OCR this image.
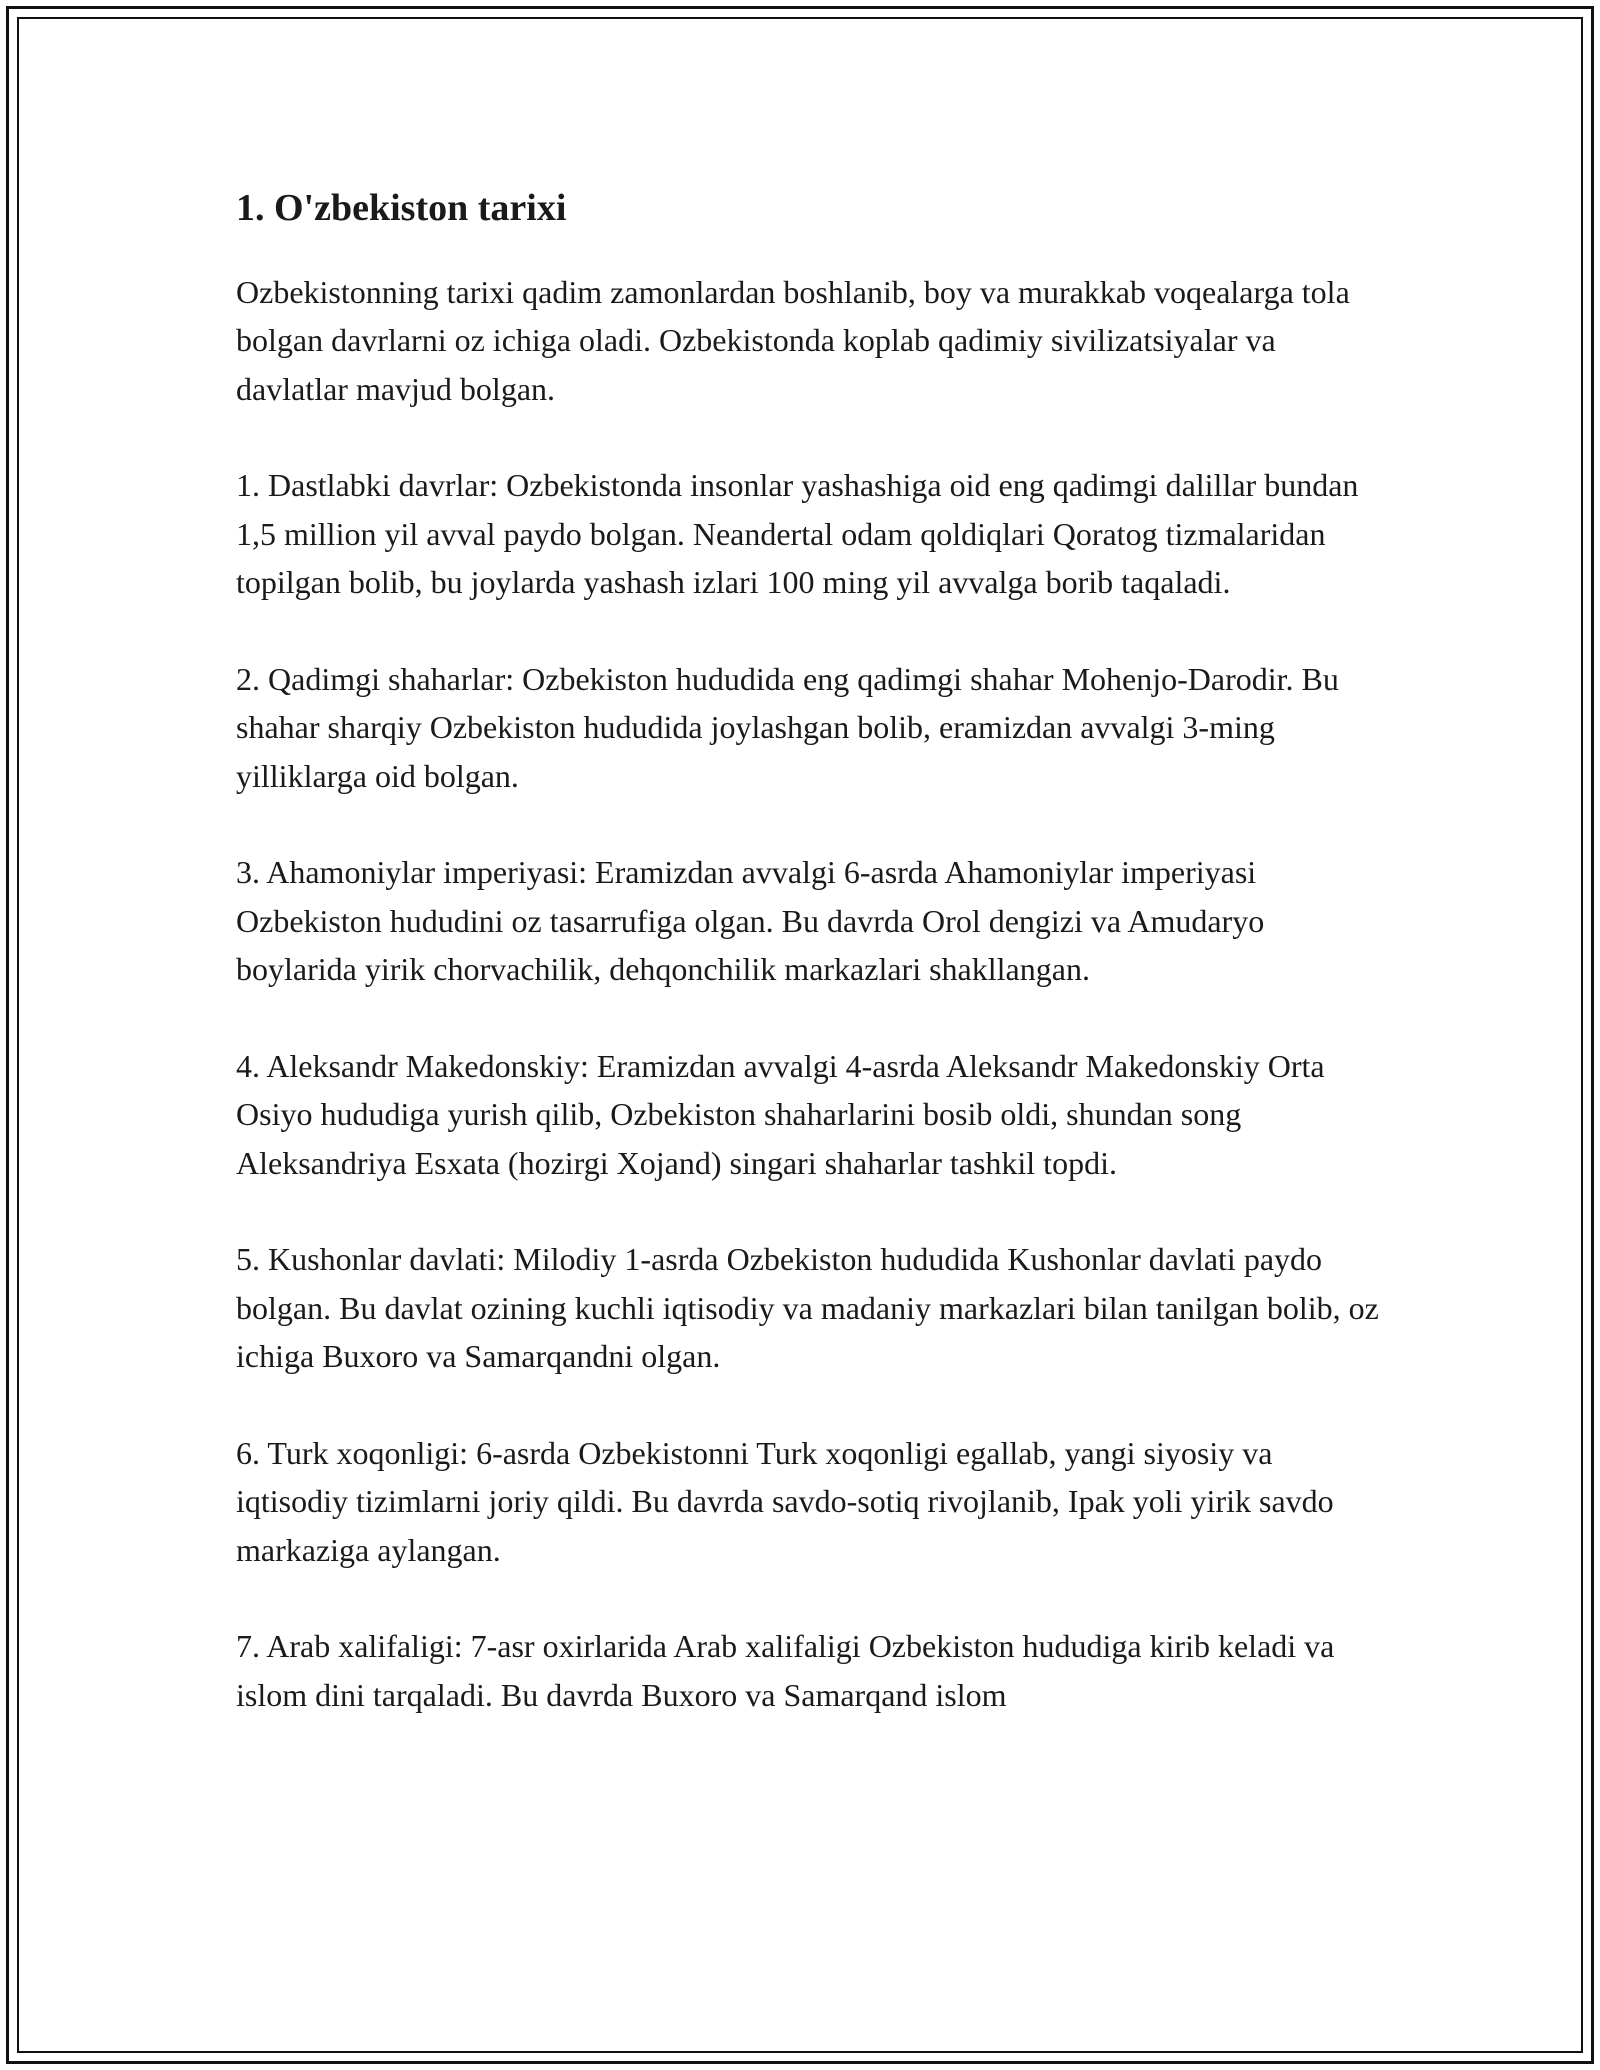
1. O'zbekiston tarixi

Ozbekistonning tarixi qadim zamonlardan boshlanib, boy va murakkab voqealarga tola bolgan davrlarni oz ichiga oladi. Ozbekistonda koplab qadimiy sivilizatsiyalar va davlatlar mavjud bolgan.

1. Dastlabki davrlar: Ozbekistonda insonlar yashashiga oid eng qadimgi dalillar bundan 1,5 million yil avval paydo bolgan. Neandertal odam qoldiqlari Qoratog tizmalaridan topilgan bolib, bu joylarda yashash izlari 100 ming yil avvalga borib taqaladi.

2. Qadimgi shaharlar: Ozbekiston hududida eng qadimgi shahar Mohenjo-Darodir. Bu shahar sharqiy Ozbekiston hududida joylashgan bolib, eramizdan avvalgi 3-ming yilliklarga oid bolgan.

3. Ahamoniylar imperiyasi: Eramizdan avvalgi 6-asrda Ahamoniylar imperiyasi Ozbekiston hududini oz tasarrufiga olgan. Bu davrda Orol dengizi va Amudaryo boylarida yirik chorvachilik, dehqonchilik markazlari shakllangan.

4. Aleksandr Makedonskiy: Eramizdan avvalgi 4-asrda Aleksandr Makedonskiy Orta Osiyo hududiga yurish qilib, Ozbekiston shaharlarini bosib oldi, shundan song Aleksandriya Esxata (hozirgi Xojand) singari shaharlar tashkil topdi.

5. Kushonlar davlati: Milodiy 1-asrda Ozbekiston hududida Kushonlar davlati paydo bolgan. Bu davlat ozining kuchli iqtisodiy va madaniy markazlari bilan tanilgan bolib, oz ichiga Buxoro va Samarqandni olgan.

6. Turk xoqonligi: 6-asrda Ozbekistonni Turk xoqonligi egallab, yangi siyosiy va iqtisodiy tizimlarni joriy qildi. Bu davrda savdo-sotiq rivojlanib, Ipak yoli yirik savdo markaziga aylangan.

7. Arab xalifaligi: 7-asr oxirlarida Arab xalifaligi Ozbekiston hududiga kirib keladi va islom dini tarqaladi. Bu davrda Buxoro va Samarqand islom
